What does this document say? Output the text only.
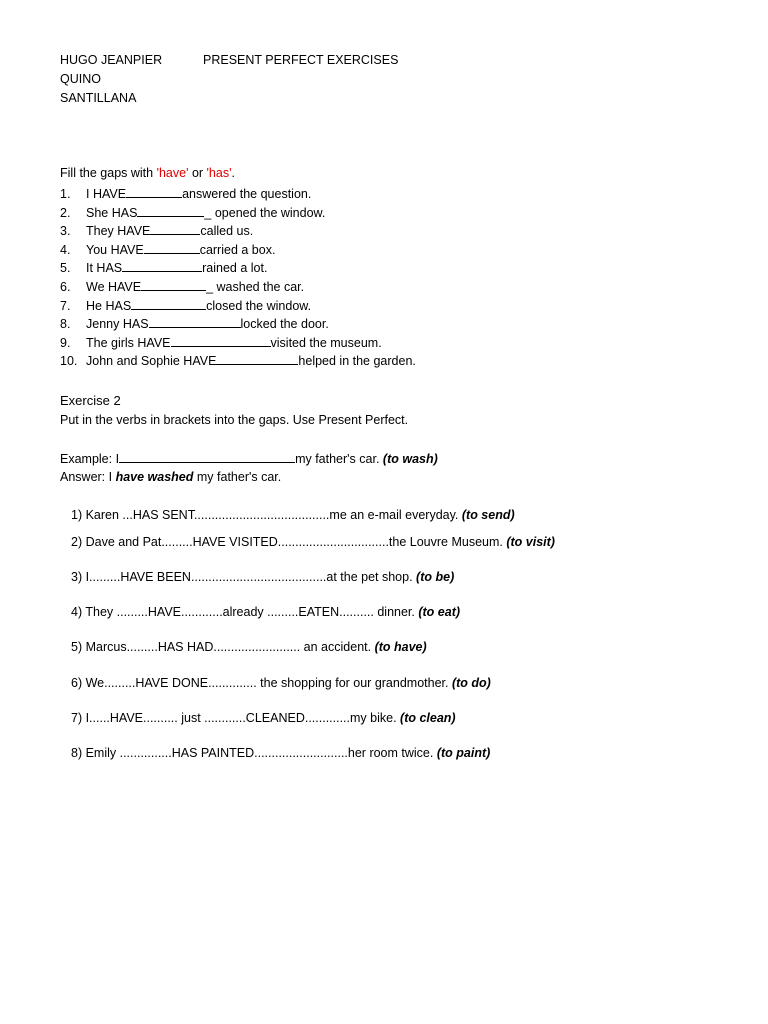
HUGO JEANPIER	PRESENT PERFECT EXERCISES
QUINO
SANTILLANA
Fill the gaps with 'have' or 'has'.
1. I HAVE	answered the question.
2. She HAS	_ opened the window.
3. They HAVE	called us.
4. You HAVE	carried a box.
5. It HAS	rained a lot.
6. We HAVE	_ washed the car.
7. He HAS	closed the window.
8. Jenny HAS	locked the door.
9. The girls HAVE	visited the museum.
10. John and Sophie HAVE	helped in the garden.
Exercise 2
Put in the verbs in brackets into the gaps. Use Present Perfect.
Example: I	my father's car. (to wash)
Answer: I have washed my father's car.
1) Karen ...HAS SENT.......................................me an e-mail everyday. (to send)
2) Dave and Pat.........HAVE VISITED................................the Louvre Museum. (to visit)
3) I.........HAVE BEEN.......................................at the pet shop. (to be)
4) They .........HAVE............already .........EATEN.......... dinner. (to eat)
5) Marcus.........HAS HAD......................... an accident. (to have)
6) We.........HAVE DONE.............. the shopping for our grandmother. (to do)
7) I......HAVE.......... just ............CLEANED.............my bike. (to clean)
8) Emily ...............HAS PAINTED...........................her room twice. (to paint)
